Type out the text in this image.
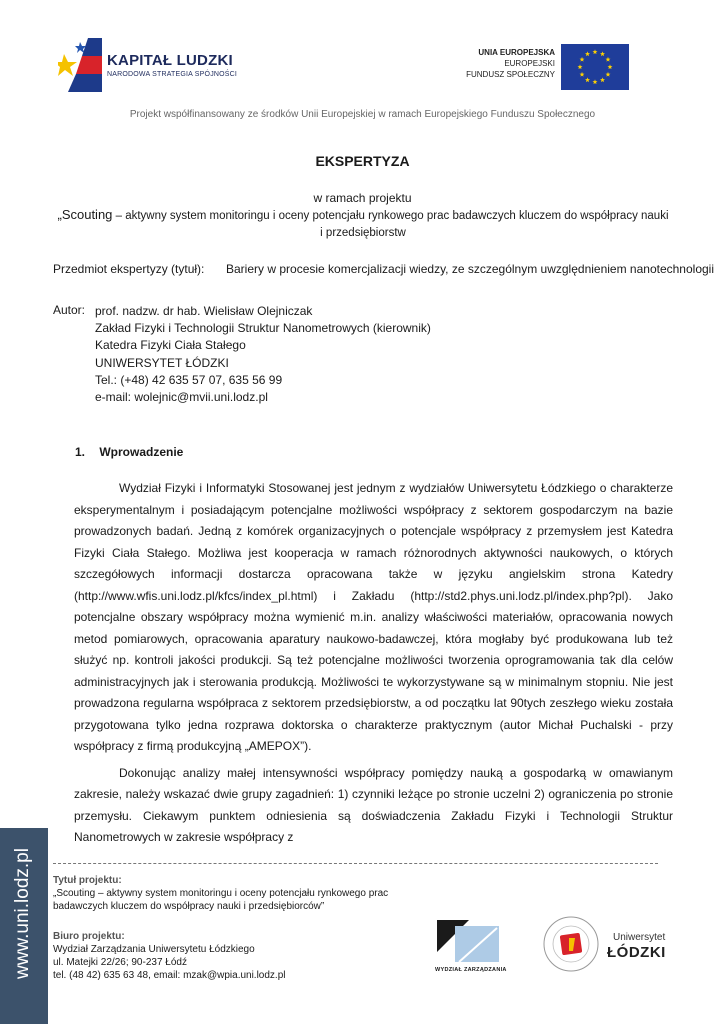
KAPITAŁ LUDZKI
NARODOWA STRATEGIA SPÓJNOŚCI
UNIA EUROPEJSKA
EUROPEJSKI
FUNDUSZ SPOŁECZNY
Projekt współfinansowany ze środków Unii Europejskiej w ramach Europejskiego Funduszu Społecznego
EKSPERTYZA
w ramach projektu
„Scouting – aktywny system monitoringu i oceny potencjału rynkowego prac badawczych kluczem do współpracy nauki i przedsiębiorstw
Przedmiot ekspertyzy (tytuł): Bariery w procesie komercjalizacji wiedzy, ze szczególnym uwzględnieniem nanotechnologii
Autor: prof. nadzw. dr hab. Wielisław Olejniczak
Zakład Fizyki i Technologii Struktur Nanometrowych (kierownik)
Katedra Fizyki Ciała Stałego
UNIWERSYTET ŁÓDZKI
Tel.: (+48) 42 635 57 07, 635 56 99
e-mail: wolejnic@mvii.uni.lodz.pl
1. Wprowadzenie

Wydział Fizyki i Informatyki Stosowanej jest jednym z wydziałów Uniwersytetu Łódzkiego o charakterze eksperymentalnym i posiadającym potencjalne możliwości współpracy z sektorem gospodarczym na bazie prowadzonych badań. Jedną z komórek organizacyjnych o potencjale współpracy z przemysłem jest Katedra Fizyki Ciała Stałego. Możliwa jest kooperacja w ramach różnorodnych aktywności naukowych, o których szczegółowych informacji dostarcza opracowana także w języku angielskim strona Katedry (http://www.wfis.uni.lodz.pl/kfcs/index_pl.html) i Zakładu (http://std2.phys.uni.lodz.pl/index.php?pl). Jako potencjalne obszary współpracy można wymienić m.in. analizy właściwości materiałów, opracowania nowych metod pomiarowych, opracowania aparatury naukowo-badawczej, która mogłaby być produkowana lub też służyć np. kontroli jakości produkcji. Są też potencjalne możliwości tworzenia oprogramowania tak dla celów administracyjnych jak i sterowania produkcją. Możliwości te wykorzystywane są w minimalnym stopniu. Nie jest prowadzona regularna współpraca z sektorem przedsiębiorstw, a od początku lat 90tych zeszłego wieku została przygotowana tylko jedna rozprawa doktorska o charakterze praktycznym (autor Michał Puchalski - przy współpracy z firmą produkcyjną „AMEPOX”).

Dokonując analizy małej intensywności współpracy pomiędzy nauką a gospodarką w omawianym zakresie, należy wskazać dwie grupy zagadnień: 1) czynniki leżące po stronie uczelni 2) ograniczenia po stronie przemysłu. Ciekawym punktem odniesienia są doświadczenia Zakładu Fizyki i Technologii Struktur Nanometrowych w zakresie współpracy z

www.uni.lodz.pl	Tytuł projektu:
„Scouting – aktywny system monitoringu i oceny potencjału rynkowego prac
badawczych kluczem do współpracy nauki i przedsiębiorców”
Biuro projektu:
Wydział Zarządzania Uniwersytetu Łódzkiego
ul. Matejki 22/26; 90-237 Łódź
tel. (48 42) 635 63 48, email: mzak@wpia.uni.lodz.pl	WYDZIAŁ ZARZĄDZANIA
Uniwersytet
ŁÓDZKI
